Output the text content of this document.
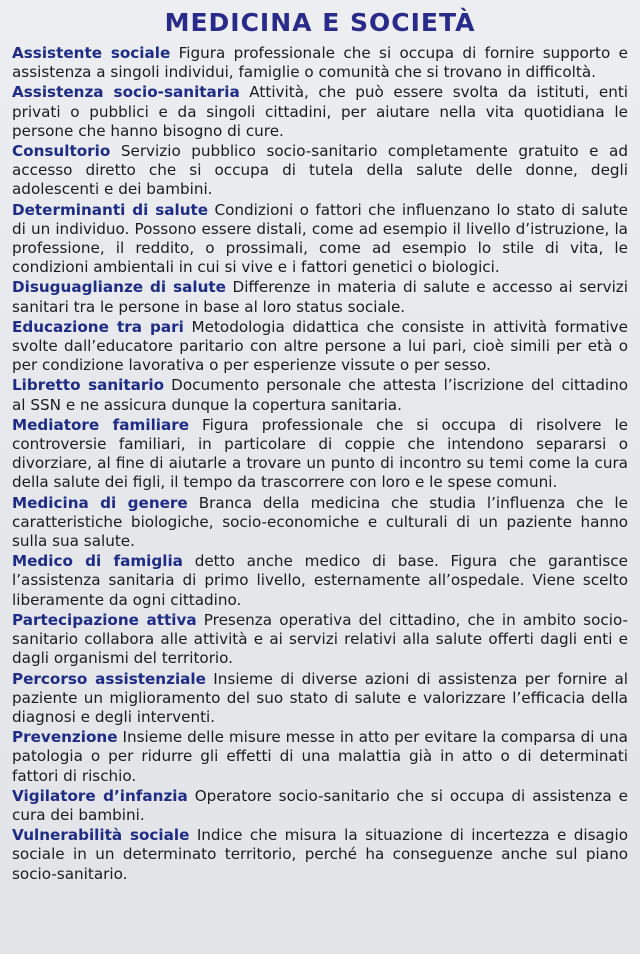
MEDICINA E SOCIETÀ

Assistente sociale Figura professionale che si occupa di fornire supporto e assistenza a singoli individui, famiglie o comunità che si trovano in difficoltà.

Assistenza socio-sanitaria Attività, che può essere svolta da istituti, enti privati o pubblici e da singoli cittadini, per aiutare nella vita quotidiana le persone che hanno bisogno di cure.

Consultorio Servizio pubblico socio-sanitario completamente gratuito e ad accesso diretto che si occupa di tutela della salute delle donne, degli adolescenti e dei bambini.

Determinanti di salute Condizioni o fattori che influenzano lo stato di salute di un individuo. Possono essere distali, come ad esempio il livello d’istruzione, la professione, il reddito, o prossimali, come ad esempio lo stile di vita, le condizioni ambientali in cui si vive e i fattori genetici o biologici.

Disuguaglianze di salute Differenze in materia di salute e accesso ai servizi sanitari tra le persone in base al loro status sociale.

Educazione tra pari Metodologia didattica che consiste in attività formative svolte dall’educatore paritario con altre persone a lui pari, cioè simili per età o per condizione lavorativa o per esperienze vissute o per sesso.

Libretto sanitario Documento personale che attesta l’iscrizione del cittadino al SSN e ne assicura dunque la copertura sanitaria.

Mediatore familiare Figura professionale che si occupa di risolvere le controversie familiari, in particolare di coppie che intendono separarsi o divorziare, al fine di aiutarle a trovare un punto di incontro su temi come la cura della salute dei figli, il tempo da trascorrere con loro e le spese comuni.

Medicina di genere Branca della medicina che studia l’influenza che le caratteristiche biologiche, socio-economiche e culturali di un paziente hanno sulla sua salute.

Medico di famiglia detto anche medico di base. Figura che garantisce l’assistenza sanitaria di primo livello, esternamente all’ospedale. Viene scelto liberamente da ogni cittadino.

Partecipazione attiva Presenza operativa del cittadino, che in ambito socio-sanitario collabora alle attività e ai servizi relativi alla salute offerti dagli enti e dagli organismi del territorio.

Percorso assistenziale Insieme di diverse azioni di assistenza per fornire al paziente un miglioramento del suo stato di salute e valorizzare l’efficacia della diagnosi e degli interventi.

Prevenzione Insieme delle misure messe in atto per evitare la comparsa di una patologia o per ridurre gli effetti di una malattia già in atto o di determinati fattori di rischio.

Vigilatore d’infanzia Operatore socio-sanitario che si occupa di assistenza e cura dei bambini.

Vulnerabilità sociale Indice che misura la situazione di incertezza e disagio sociale in un determinato territorio, perché ha conseguenze anche sul piano socio-sanitario.
